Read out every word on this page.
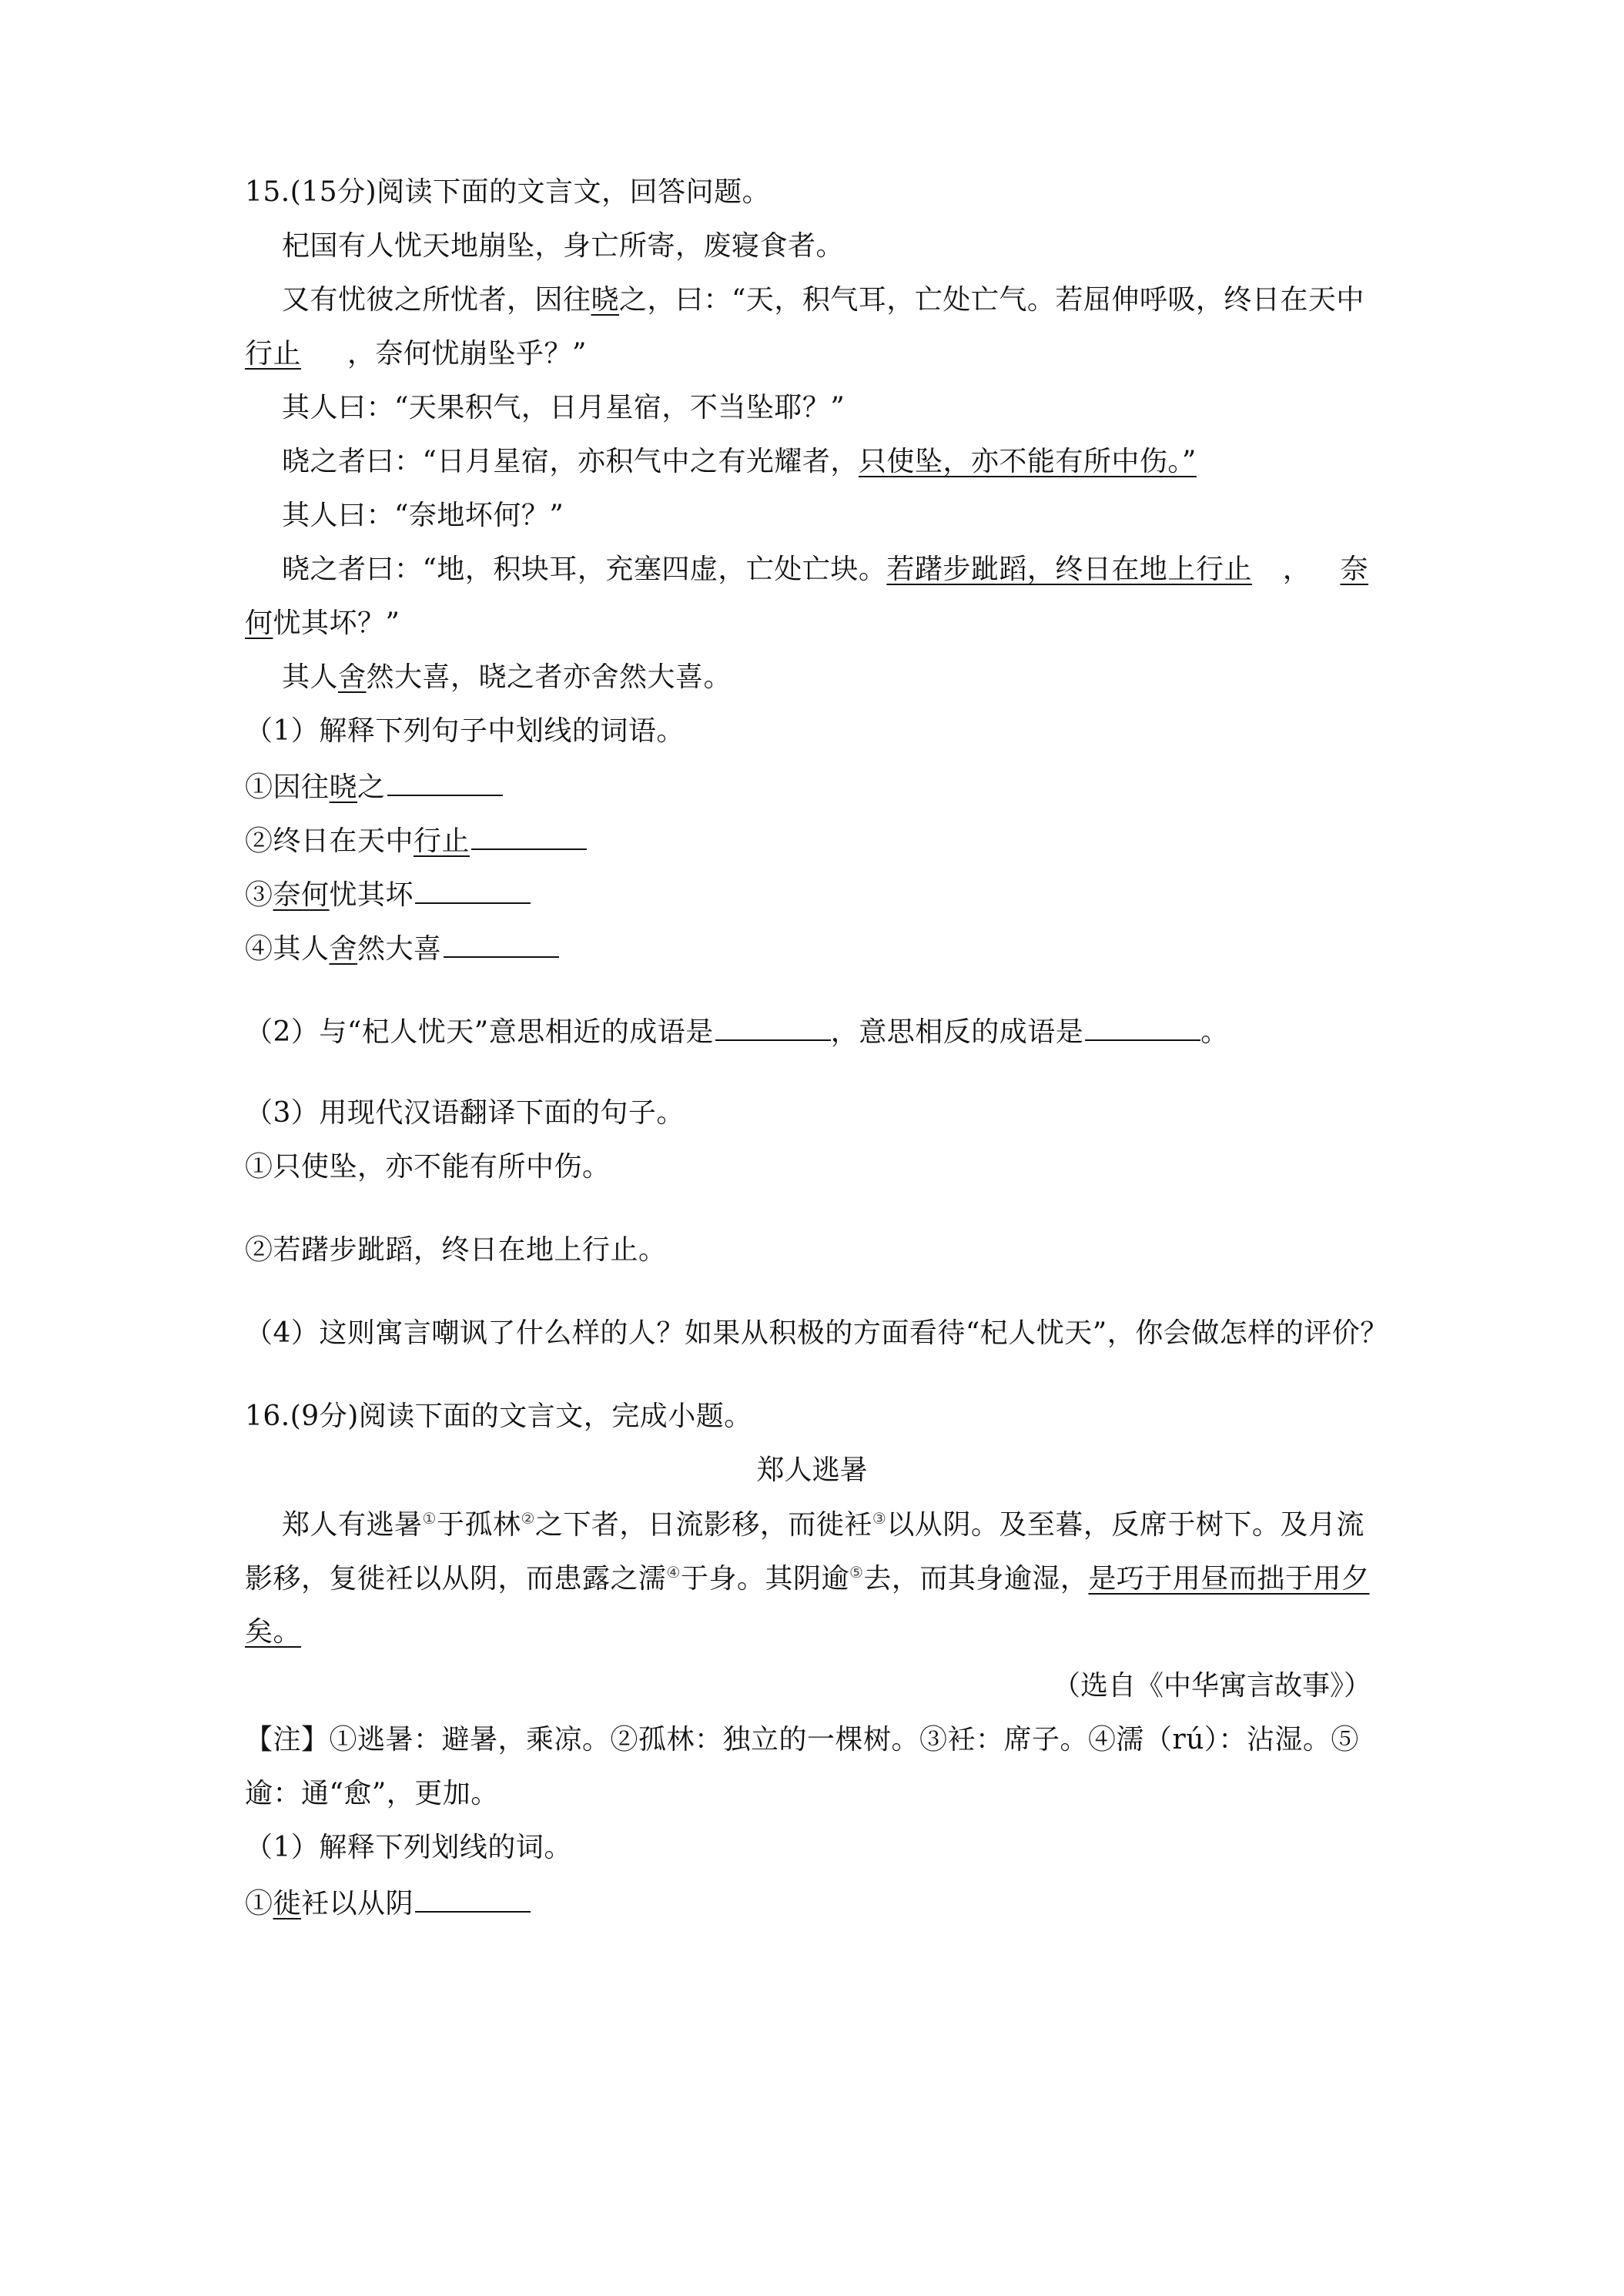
15.(15分)阅读下面的文言文，回答问题。
杞国有人忧天地崩坠，身亡所寄，废寝食者。
又有忧彼之所忧者，因往晓之，曰：“天，积气耳，亡处亡气。若屈伸呼吸，终日在天中
行止 ，奈何忧崩坠乎？”
其人曰：“天果积气，日月星宿，不当坠耶？”
晓之者曰：“日月星宿，亦积气中之有光耀者，只使坠，亦不能有所中伤。”
其人曰：“奈地坏何？”
晓之者曰：“地，积块耳，充塞四虚，亡处亡块。若躇步跐蹈，终日在地上行止 ， 奈
何忧其坏？”
其人舍然大喜，晓之者亦舍然大喜。
（1）解释下列句子中划线的词语。
①因往晓之
②终日在天中行止
③奈何忧其坏
④其人舍然大喜
（2）与“杞人忧天”意思相近的成语是	，意思相反的成语是	。
（3）用现代汉语翻译下面的句子。
①只使坠，亦不能有所中伤。
②若躇步跐蹈，终日在地上行止。
（4）这则寓言嘲讽了什么样的人？如果从积极的方面看待“杞人忧天”，你会做怎样的评价？
16.(9分)阅读下面的文言文，完成小题。
郑人逃暑
郑人有逃暑①于孤林②之下者，日流影移，而徙衽③以从阴。及至暮，反席于树下。及月流
影移，复徙衽以从阴，而患露之濡④于身。其阴逾⑤去，而其身逾湿，是巧于用昼而拙于用夕
矣。
（选自《中华寓言故事》）
【注】①逃暑：避暑，乘凉。②孤林：独立的一棵树。③衽：席子。④濡（rú）：沾湿。⑤
逾：通“愈”，更加。
（1）解释下列划线的词。
①徙衽以从阴
